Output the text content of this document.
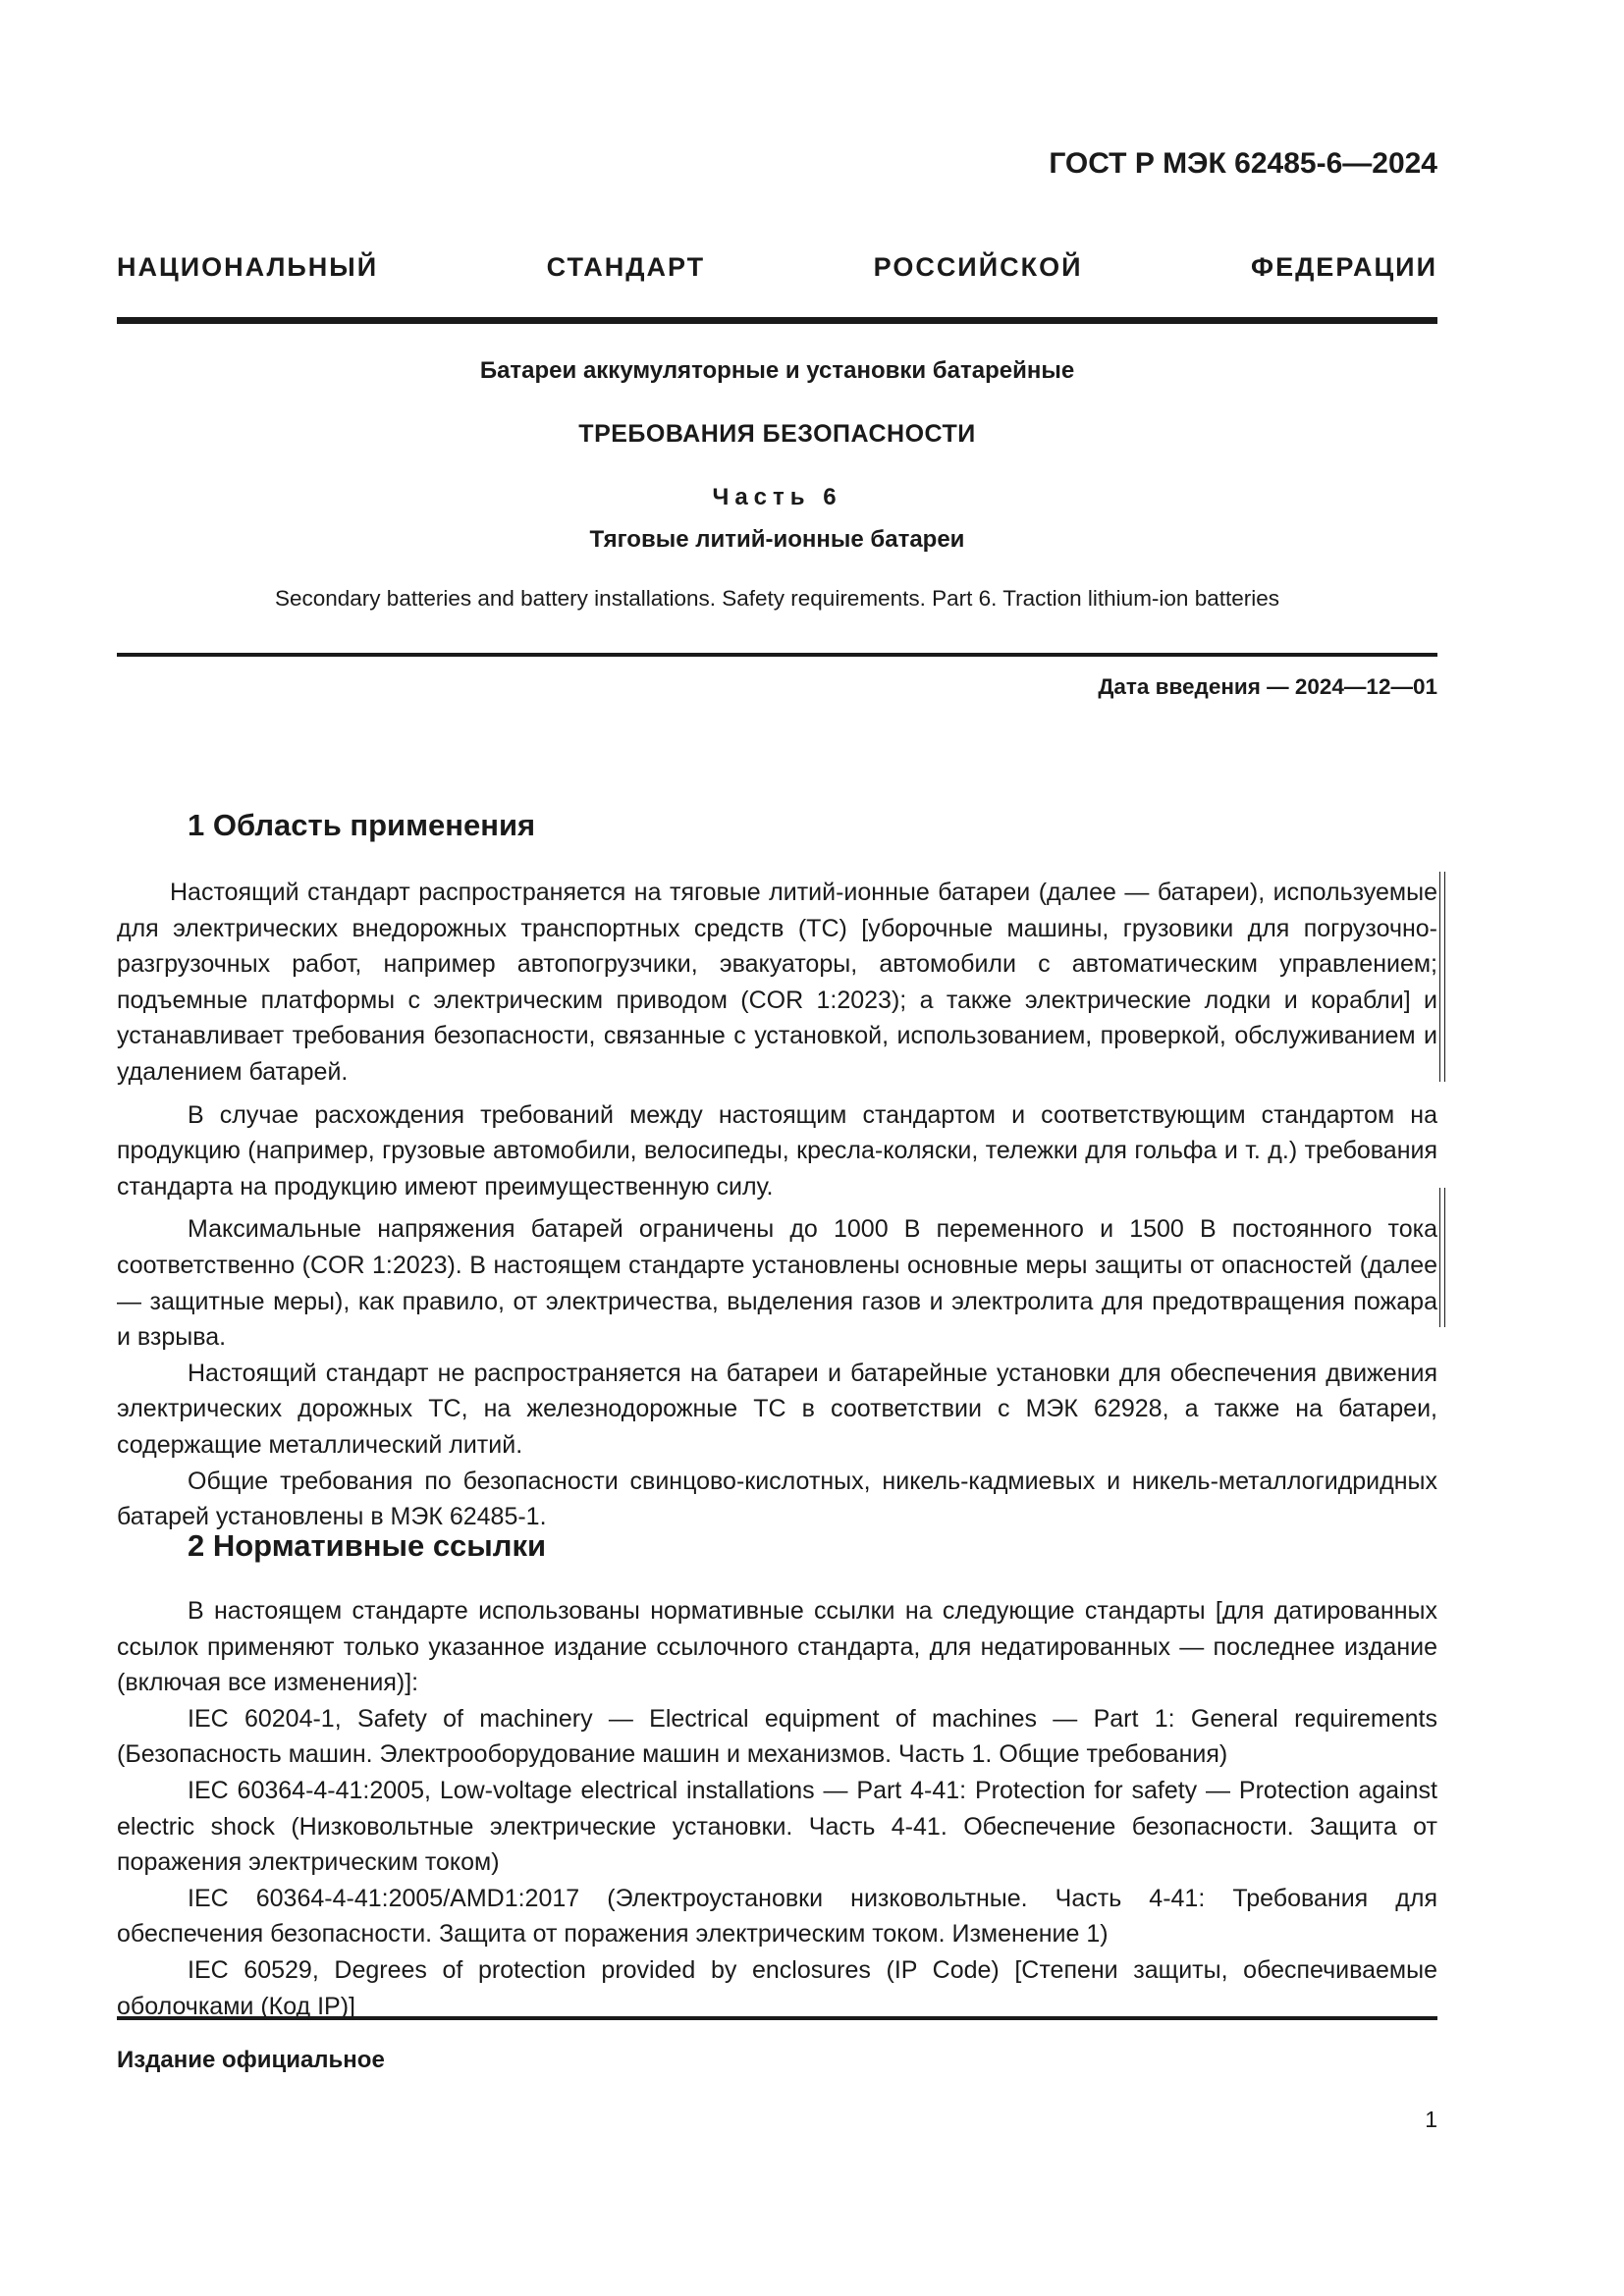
ГОСТ Р МЭК 62485-6—2024
НАЦИОНАЛЬНЫЙ СТАНДАРТ РОССИЙСКОЙ ФЕДЕРАЦИИ
Батареи аккумуляторные и установки батарейные
ТРЕБОВАНИЯ БЕЗОПАСНОСТИ
Часть 6
Тяговые литий-ионные батареи
Secondary batteries and battery installations. Safety requirements. Part 6. Traction lithium-ion batteries
Дата введения — 2024—12—01
1 Область применения

Настоящий стандарт распространяется на тяговые литий-ионные батареи (далее — батареи), используемые для электрических внедорожных транспортных средств (ТС) [уборочные машины, грузовики для погрузочно-разгрузочных работ, например автопогрузчики, эвакуаторы, автомобили с автоматическим управлением; подъемные платформы с электрическим приводом (COR 1:2023); а также электрические лодки и корабли] и устанавливает требования безопасности, связанные с установкой, использованием, проверкой, обслуживанием и удалением батарей.

В случае расхождения требований между настоящим стандартом и соответствующим стандартом на продукцию (например, грузовые автомобили, велосипеды, кресла-коляски, тележки для гольфа и т. д.) требования стандарта на продукцию имеют преимущественную силу.

Максимальные напряжения батарей ограничены до 1000 В переменного и 1500 В постоянного тока соответственно (COR 1:2023). В настоящем стандарте установлены основные меры защиты от опасностей (далее — защитные меры), как правило, от электричества, выделения газов и электролита для предотвращения пожара и взрыва.

Настоящий стандарт не распространяется на батареи и батарейные установки для обеспечения движения электрических дорожных ТС, на железнодорожные ТС в соответствии с МЭК 62928, а также на батареи, содержащие металлический литий.

Общие требования по безопасности свинцово-кислотных, никель-кадмиевых и никель-металлогидридных батарей установлены в МЭК 62485-1.

2 Нормативные ссылки

В настоящем стандарте использованы нормативные ссылки на следующие стандарты [для датированных ссылок применяют только указанное издание ссылочного стандарта, для недатированных — последнее издание (включая все изменения)]:

IEC 60204-1, Safety of machinery — Electrical equipment of machines — Part 1: General requirements (Безопасность машин. Электрооборудование машин и механизмов. Часть 1. Общие требования)

IEC 60364-4-41:2005, Low-voltage electrical installations — Part 4-41: Protection for safety — Protection against electric shock (Низковольтные электрические установки. Часть 4-41. Обеспечение безопасности. Защита от поражения электрическим током)

IEC 60364-4-41:2005/AMD1:2017 (Электроустановки низковольтные. Часть 4-41: Требования для обеспечения безопасности. Защита от поражения электрическим током. Изменение 1)

IEC 60529, Degrees of protection provided by enclosures (IP Code) [Степени защиты, обеспечиваемые оболочками (Код IP)]

Издание официальное
1
